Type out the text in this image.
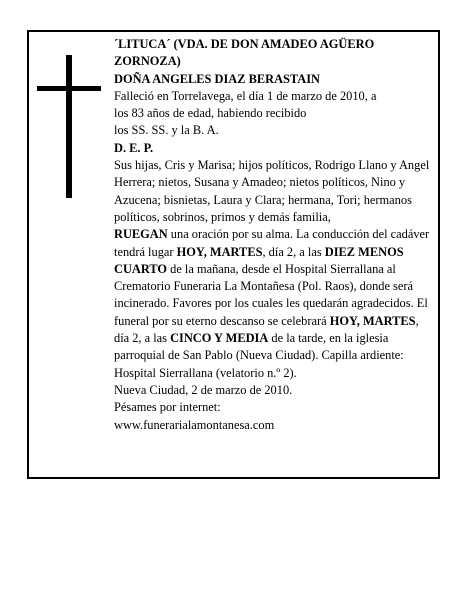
´LITUCA´ (VDA. DE DON AMADEO AGÜERO ZORNOZA)

DOÑA ANGELES DIAZ BERASTAIN

Falleció en Torrelavega, el día 1 de marzo de 2010, a

los 83 años de edad, habiendo recibido

los SS. SS. y la B. A.

D. E. P.

Sus hijas, Cris y Marisa; hijos políticos, Rodrigo Llano y Angel Herrera; nietos, Susana y Amadeo; nietos políticos, Nino y Azucena; bisnietas, Laura y Clara; hermana, Tori; hermanos políticos, sobrinos, primos y demás familia,

RUEGAN una oración por su alma. La conducción del cadáver tendrá lugar HOY, MARTES, día 2, a las DIEZ MENOS CUARTO de la mañana, desde el Hospital Sierrallana al Crematorio Funeraria La Montañesa (Pol. Raos), donde será incinerado. Favores por los cuales les quedarán agradecidos. El funeral por su eterno descanso se celebrará HOY, MARTES, día 2, a las CINCO Y MEDIA de la tarde, en la iglesia parroquial de San Pablo (Nueva Ciudad). Capilla ardiente: Hospital Sierrallana (velatorio n.º 2).

Nueva Ciudad, 2 de marzo de 2010.

Pésames por internet:

www.funerarialamontanesa.com
